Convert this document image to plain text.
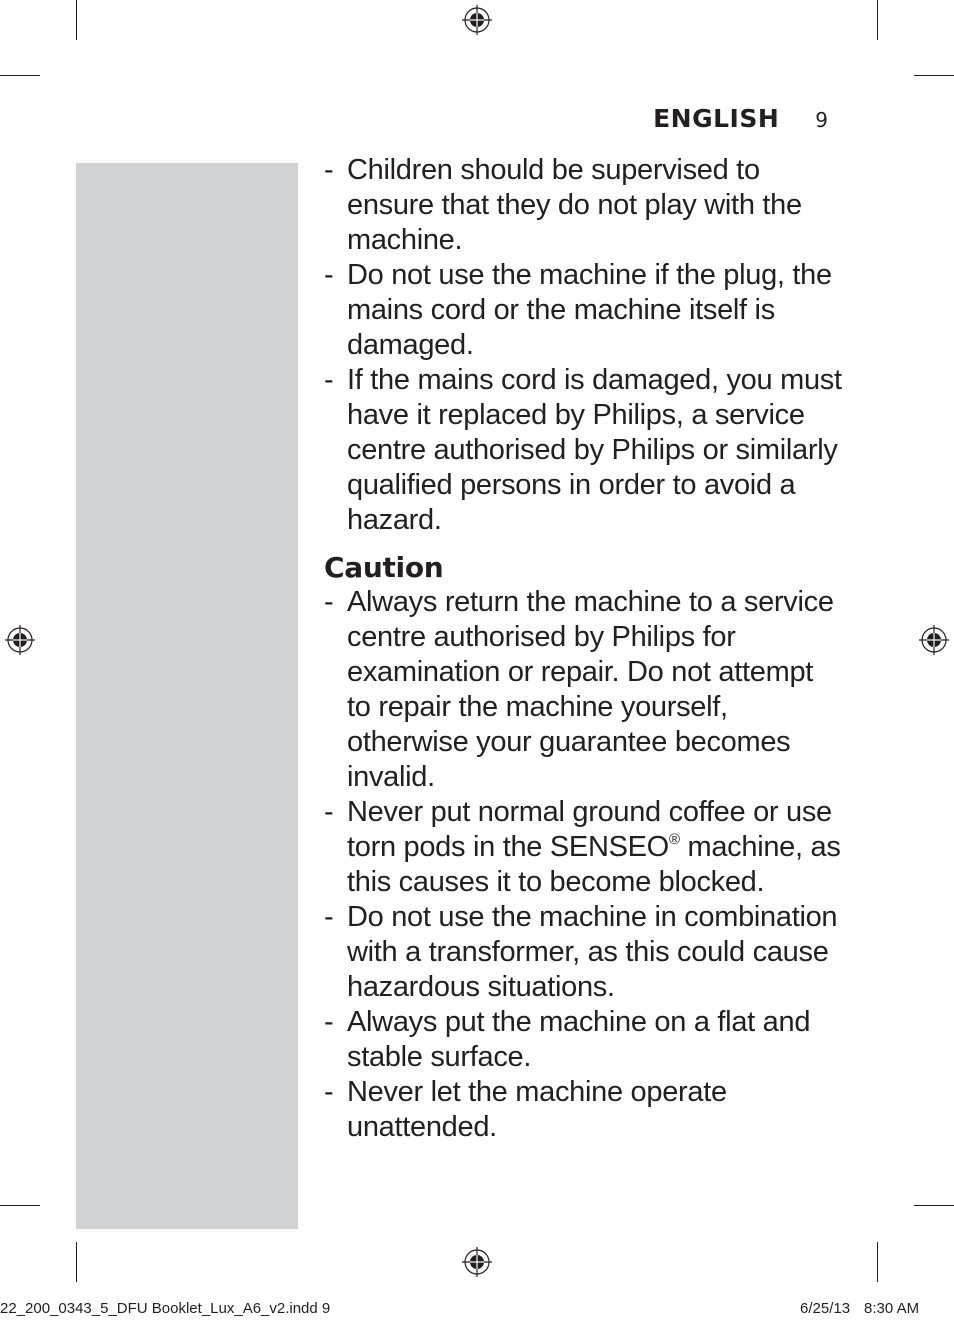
ENGLISH 9
- Children should be supervised to ensure that they do not play with the machine.
- Do not use the machine if the plug, the mains cord or the machine itself is damaged.
- If the mains cord is damaged, you must have it replaced by Philips, a service centre authorised by Philips or similarly qualified persons in order to avoid a hazard.
Caution
- Always return the machine to a service centre authorised by Philips for examination or repair. Do not attempt to repair the machine yourself, otherwise your guarantee becomes invalid.
- Never put normal ground coffee or use torn pods in the SENSEO® machine, as this causes it to become blocked.
- Do not use the machine in combination with a transformer, as this could cause hazardous situations.
- Always put the machine on a flat and stable surface.
- Never let the machine operate unattended.
22_200_0343_5_DFU Booklet_Lux_A6_v2.indd 9	6/25/13 8:30 AM
